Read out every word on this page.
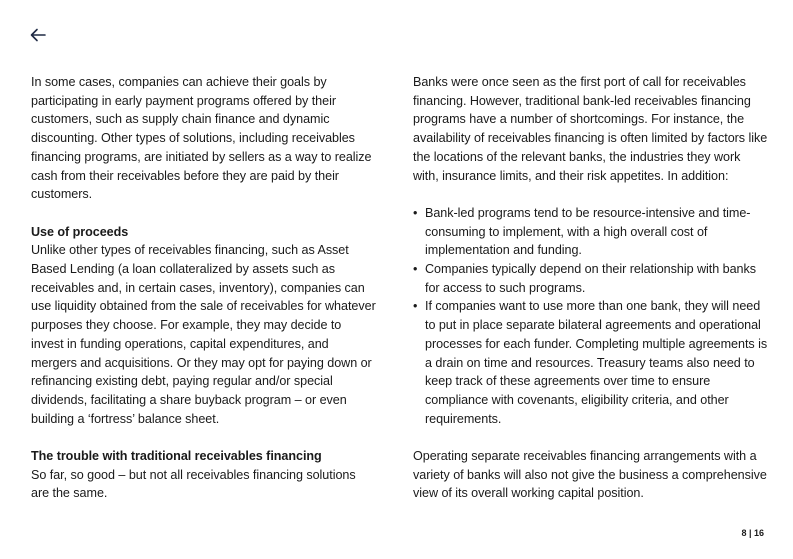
In some cases, companies can achieve their goals by participating in early payment programs offered by their customers, such as supply chain finance and dynamic discounting. Other types of solutions, including receivables financing programs, are initiated by sellers as a way to realize cash from their receivables before they are paid by their customers.

Use of proceeds

Unlike other types of receivables financing, such as Asset Based Lending (a loan collateralized by assets such as receivables and, in certain cases, inventory), companies can use liquidity obtained from the sale of receivables for whatever purposes they choose. For example, they may decide to invest in funding operations, capital expenditures, and mergers and acquisitions. Or they may opt for paying down or refinancing existing debt, paying regular and/or special dividends, facilitating a share buyback program – or even building a ‘fortress’ balance sheet.

The trouble with traditional receivables financing

So far, so good – but not all receivables financing solutions are the same.

Banks were once seen as the first port of call for receivables financing. However, traditional bank-led receivables financing programs have a number of shortcomings. For instance, the availability of receivables financing is often limited by factors like the locations of the relevant banks, the industries they work with, insurance limits, and their risk appetites. In addition:

• Bank-led programs tend to be resource-intensive and time-consuming to implement, with a high overall cost of implementation and funding.
• Companies typically depend on their relationship with banks for access to such programs.
• If companies want to use more than one bank, they will need to put in place separate bilateral agreements and operational processes for each funder. Completing multiple agreements is a drain on time and resources. Treasury teams also need to keep track of these agreements over time to ensure compliance with covenants, eligibility criteria, and other requirements.

Operating separate receivables financing arrangements with a variety of banks will also not give the business a comprehensive view of its overall working capital position.

8 | 16
